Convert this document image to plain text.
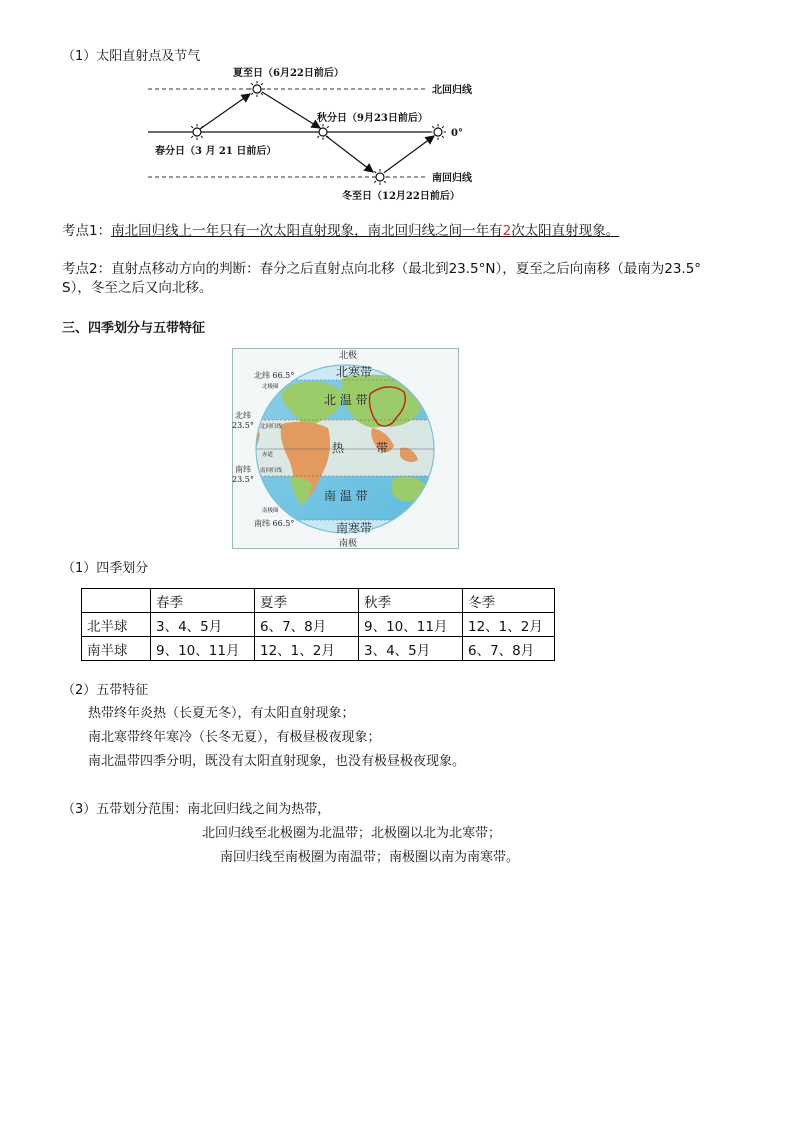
（1）太阳直射点及节气
夏至日（6月22日前后）
秋分日（9月23日前后）
春分日（3 月 21 日前后）
冬至日（12月22日前后）
北回归线
南回归线
0°
考点1：南北回归线上一年只有一次太阳直射现象，南北回归线之间一年有2次太阳直射现象。
考点2：直射点移动方向的判断：春分之后直射点向北移（最北到23.5°N），夏至之后向南移（最南为23.5°
S），冬至之后又向北移。
三、四季划分与五带特征
北极
南极
北纬 66.5°
北纬
23.5°
南纬
23.5°
南纬 66.5°
北寒带
北 温 带
热	带
南 温 带
南寒带
北极圈
北回归线
赤道
南回归线
南极圈
（1）四季划分
	春季	夏季	秋季	冬季
北半球	3、4、5月	6、7、8月	9、10、11月	12、1、2月
南半球	9、10、11月	12、1、2月	3、4、5月	6、7、8月
（2）五带特征
热带终年炎热（长夏无冬），有太阳直射现象；
南北寒带终年寒冷（长冬无夏），有极昼极夜现象；
南北温带四季分明，既没有太阳直射现象，也没有极昼极夜现象。
（3）五带划分范围：南北回归线之间为热带，
北回归线至北极圈为北温带；北极圈以北为北寒带；
南回归线至南极圈为南温带；南极圈以南为南寒带。
